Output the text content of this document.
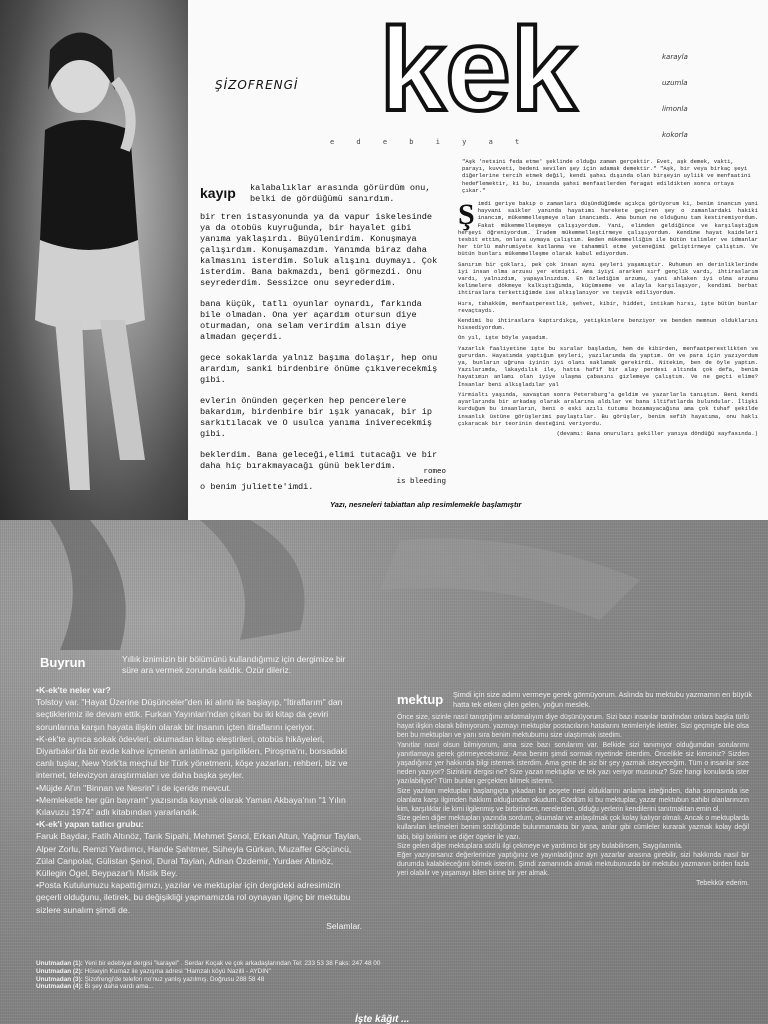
ŞİZOFRENGİ kek
e d e b i y a t
karayla
uzumla
limonla
kokorla
kayıp kalabalıklar arasında görürdüm onu, belki de gördüğümü sanırdım.

bir tren istasyonunda ya da vapur iskelesinde ya da otobüs kuyruğunda, bir hayalet gibi yanıma yaklaşırdı. Büyülenirdim. Konuşmaya çalışırdım. Konuşamazdım. Yanımda biraz daha kalmasını isterdim. Soluk alışını duymayı. Çok isterdim. Bana bakmazdı, beni görmezdi. Onu seyrederdim. Sessizce onu seyrederdim.

bana küçük, tatlı oyunlar oynardı, farkında bile olmadan. Ona yer açardım otursun diye oturmadan, ona selam verirdim alsın diye almadan geçerdi.

gece sokaklarda yalnız başıma dolaşır, hep onu arardım, sanki birdenbire önüme çıkıverecekmiş gibi.

evlerin önünden geçerken hep pencerelere bakardım, birdenbire bir ışık yanacak, bir ip sarkıtılacak ve O usulca yanıma iniverecekmiş gibi.

beklerdim. Bana geleceği,elimi tutacağı ve bir daha hiç bırakmayacağı günü beklerdim.

o benim juliette'imdi.

romeo
is bleeding
"Aşk 'netsini feda etme' şeklinde olduğu zaman gerçektir. Evet, aşk demek, vakti, parayı, kuvveti, bedeni sevilen şey için adamak demektir." "Aşk, bir veya birkaç şeyi diğerlerine tercih etmek değil, kendi şahsı dışında olan birşeyin uyliik ve menfaatini hedeflemektir, ki bu, insanda şahsi menfaatlerden feragat edildikten sonra ortaya çıkar."
Ş imdi geriye bakıp o zamanları düşündüğümde açıkça görüyorum ki, benim inancım yani hayvani saikler yanında hayatımı harekete geçiren şey o zamanlardaki hakiki inancım, mükemmelleşmeye olan inancımdı. Ama bunun ne olduğunu tam kestiremiyordum. Fakat mükemmelleşmeye çalışıyordum. Yani, elimden geldiğince ve karşılaştığım herşeyi öğreniyordum. İradem mükemmelleştirmeye çalışıyordum. Kendime hayat kaideleri tesbit ettim, onlara uymaya çalıştım. Beden mükemmelliğim ile bütün talimler ve idmanlar her türlü mahrumiyete katlanma ve tahammül etme yeteneğimi geliştirmeye çalıştım. Ve bütün bunları mükemmelleşme olarak kabul ediyordum.

Sanırım bir çokları, pek çok insan aynı şeyleri yaşamıştır. Ruhumun en derinliklerinde iyi insan olma arzusu yer etmişti. Ama iyiyi ararken sırf gençlik vardı, ihtiraslarım vardı, yalnızdım, yapayalnızdım. En özlediğim arzumu, yani ahlaken iyi olma arzumu kelimelere dökmeye kalkıştığımda, küçümseme ve alayla karşılaşıyor, kendimi berbat ihtiraslara terkettiğimde ise alkışlanıyor ve teşvik ediliyordum.

Hırs, tahakküm, menfaatperestlik, şehvet, kibir, hiddet, intikam hırsı, işte bütün bunlar revaçtaydı.

Kendimi bu ihtiraslara kaptırdıkça, yetişkinlere benziyor ve benden memnun olduklarını hissediyordum.

On yıl, işte böyle yaşadım.

Yazarlık faaliyetine işte bu sıralar başladım, hem de kibirden, menfaatperestlikten ve gururdan. Hayatımda yaptığım şeyleri, yazılarımda da yaptım. On ve para için yazıyordum ya, bunların uğruna iyinin iyi olanı saklamak gerekirdi. Nitekim, ben de öyle yaptım. Yazılarımda, lakaydılık ile, hatta hafif bir alay perdesi altında çok defa, benim hayatımın anlamı olan iyiye ulaşma çabasını gizlemeye çalıştım. Ve ne geçti elime? İnsanlar beni alkışladılar yal

Yirmialtı yaşında, savaştan sonra Petersburg'a geldim ve yazarlarla tanıştım. Beni kendi ayarlarında bir arkadaş olarak aralarına aldılar ve bana iltifatlarda bulundular. İlişki kurduğum bu insanların, beni o eski azılı tutumu bozamayacağına ama çok tuhaf şekilde insanlık üstüne görüşlerimi paylaştılar. Bu görüşler, benim sefih hayatıma, onu haklı çıkaracak bir teorinin desteğini veriyordu.

(devamı: Bana onuruları şekiller yanıya döndüğü sayfasında.)

Yazı, nesneleri tabiattan alıp resimlemekle başlamıştır
Buyrun	Yıllık iznimizin bir bölümünü kullandığımız için dergimize bir süre ara vermek zorunda kaldık. Özür dileriz.

•K-ek'te neler var?

Tolstoy var. "Hayat Üzerine Düşünceler"den iki alıntı ile başlayıp, "İtiraflarım" dan seçtiklerimiz ile devam ettik. Furkan Yayınları'ndan çıkan bu iki kitap da çeviri sorunlarına karşın hayata ilişkin olarak bir insanın içten itiraflarını içeriyor.

•K-ek'te ayrıca sokak ödevleri, okumadan kitap eleştirileri, otobüs hikâyeleri, Diyarbakır'da bir evde kahve içmenin anlatılmaz garipliklerı, Piroşma'nı, borsadaki canlı tuşlar, New York'ta meçhul bir Türk yönetmeni, köşe yazarları, rehberi, biz ve internet, televizyon araştırmaları ve daha başka şeyler.

•Müjde Al'ın "Binnan ve Nesrin" i de içeride mevcut.

•Memleketle her gün bayram" yazısında kaynak olarak Yaman Akbaya'nın "1 Yılın Kılavuzu 1974" adlı kitabından yararlandık.

•K-ek'i yapan tatlıcı grubu:

Faruk Baydar, Fatih Altınöz, Tarık Sipahi, Mehmet Şenol, Erkan Altun, Yağmur Taylan, Alper Zorlu, Remzi Yardımcı, Hande Şahtmer, Süheyla Gürkan, Muzaffer Göçüncü, Zülal Canpolat, Gülistan Şenol, Dural Taylan, Adnan Özdemir, Yurdaer Altınöz, Küllegin Ögel, Beypazar'lı Mistik Bey.

•Posta Kutulumuzu kapattığımızı, yazılar ve mektuplar için dergideki adresimizin geçerli olduğunu, iletirek, bu değişikliği yapmamızda rol oynayan ilginç bir mektubu sizlere sunalım şimdi de.

Selamlar.

mektup Şimdi için size adımı vermeye gerek görmüyorum. Aslında bu mektubu yazmamın en büyük hatta tek etken çilen gelen, yoğun meslek.

Önce size, sizinle nasıl tanıştığımı anlatmalıyım diye düşünüyorum. Sizi bazı insanlar tarafından onlara başka türlü hayat ilişkin olarak bilmiyorum. yazmayı mektuplar postacıların hatalarını terimleriyle ilettiler. Sizi geçmişte bile olsa ben bu mektupları ve yanı sıra benim mektubumu size ulaştırmak istedim.

Yanıtlar nasıl olsun bilmiyorum, ama size bazı sorularım var. Belkide sizi tanımıyor olduğumdan sorularımı yanıtlamaya gerek görmeyeceksiniz. Ama benim şimdi sormak niyetinde isterdim. Öncelikle siz kimsiniz? Sizden yaşadığınız yer hakkında bilgi istemek isterdim. Ama gene de siz bir şey yazmak isteyeceğim. Tüm o insanlar size neden yazıyor? Sizinkini dergisi ne? Size yazan mektuplar ve tek yazı veriyor musunuz? Size hangi konularda ister yazılabiliyor? Tüm bunları gerçekten bilmek isterim.

Size yazılan mektupları başlangıçta yıkadan bir poşete nesi olduklarını anlama isteğinden, daha sonrasında ise olanlara karşı ilgimden hakkım olduğundan okudum. Gördüm ki bu mektuplar, yazar mektubun sahibi olanlarınızın kim, karşılıklar ile kimi ilgilenmiş ve birbirinden, nerelerden, olduğu yerlerin kendilerini tanıtmaktan emin ol.

Size gelen diğer mektupları yazında sordum, okumalar ve anlaşılmak çok kolay kalıyor olmalı. Ancak o mektuplarda kullanılan kelimeleri benim sözlüğümde bulunmamakta bir yana, anlar gibi cümleler kurarak yazmak kolay değil tabi, bilgi birikimi ve diğer ögeler ile yazı.

Size gelen diğer mektuplara sözlü ilgi çekmeye ve yardımcı bir şey bulabilirsem, Saygılarımla.

Eğer yazıyorsanız değerlerinize yaptığınız ve yayınladığınız ayrı yazarlar arasına girebilir, sizi hakkında nasıl bir durumda kalabileceğimi bilmek isterim. Şimdi zamanında almak mektubunuzda bir mektubu yazmanın birden fazla yeri olabilir ve yaşamayı bilen birine bir yer almak.

Tebekkür ederim.

Unutmadan (1): Yeni bir edebiyat dergisi "karayel" . Serdar Koçak ve çok arkadaşlarından Tel: 233 53 38 Faks: 247 48 00
Unutmadan (2): Hüseyin Kurnaz ile yazışma adresi "Hamzalı köyü Nazilli - AYDIN"
Unutmadan (3): Şizofrengi'de telefon no'nuz yanlış yazılmış. Doğrusu 288 58 48
Unutmadan (4): Bi şey daha vardı ama...
İşte kâğıt ...
